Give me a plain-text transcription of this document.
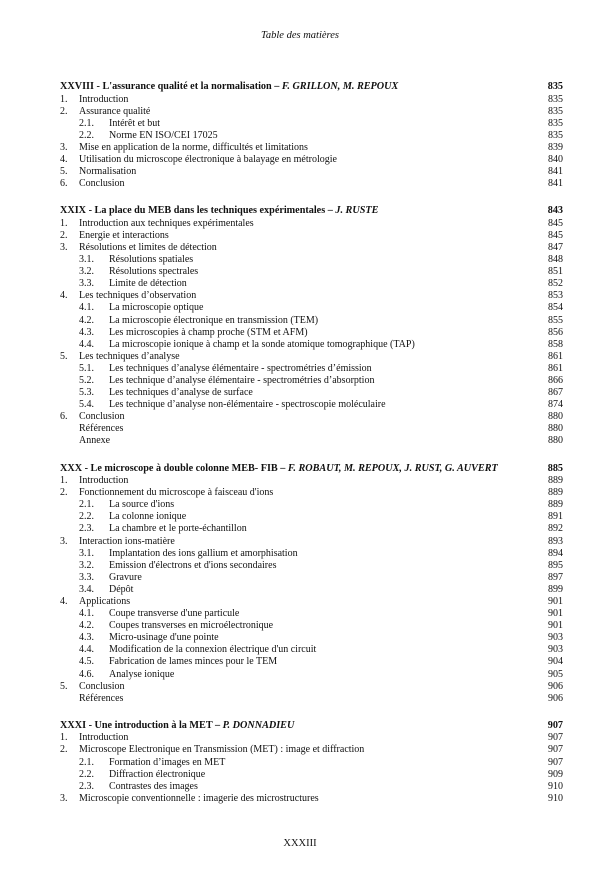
Table des matières
XXVIII - L'assurance qualité et la normalisation – F. GRILLON, M. REPOUX	835
1.	Introduction	835
2.	Assurance qualité	835
2.1.	Intérêt et but	835
2.2.	Norme EN ISO/CEI 17025	835
3.	Mise en application de la norme, difficultés et limitations	839
4.	Utilisation du microscope électronique à balayage en métrologie	840
5.	Normalisation	841
6.	Conclusion	841
XXIX - La place du MEB dans les techniques expérimentales – J. RUSTE	843
1.	Introduction aux techniques expérimentales	845
2.	Energie et interactions	845
3.	Résolutions et limites de détection	847
3.1.	Résolutions spatiales	848
3.2.	Résolutions spectrales	851
3.3.	Limite de détection	852
4.	Les techniques d’observation	853
4.1.	La microscopie optique	854
4.2.	La microscopie électronique en transmission (TEM)	855
4.3.	Les microscopies à champ proche (STM et AFM)	856
4.4.	La microscopie ionique à champ et la sonde atomique tomographique (TAP)	858
5.	Les techniques d’analyse	861
5.1.	Les techniques d’analyse élémentaire - spectrométries d’émission	861
5.2.	Les technique d’analyse élémentaire - spectrométries d’absorption	866
5.3.	Les techniques d’analyse de surface	867
5.4.	Les technique d’analyse non-élémentaire - spectroscopie moléculaire	874
6.	Conclusion	880
Références	880
Annexe	880
XXX - Le microscope à double colonne MEB- FIB – F. ROBAUT, M. REPOUX, J. RUST, G. AUVERT	885
1.	Introduction	889
2.	Fonctionnement du microscope à faisceau d'ions	889
2.1.	La source d'ions	889
2.2.	La colonne ionique	891
2.3.	La chambre et le porte-échantillon	892
3.	Interaction ions-matière	893
3.1.	Implantation des ions gallium et amorphisation	894
3.2.	Emission d'électrons et d'ions secondaires	895
3.3.	Gravure	897
3.4.	Dépôt	899
4.	Applications	901
4.1.	Coupe transverse d'une particule	901
4.2.	Coupes transverses en microélectronique	901
4.3.	Micro-usinage d'une pointe	903
4.4.	Modification de la connexion électrique d'un circuit	903
4.5.	Fabrication de lames minces pour le TEM	904
4.6.	Analyse ionique	905
5.	Conclusion	906
Références	906
XXXI - Une introduction à la MET – P. DONNADIEU	907
1.	Introduction	907
2.	Microscope Electronique en Transmission (MET) : image et diffraction	907
2.1.	Formation d’images en MET	907
2.2.	Diffraction électronique	909
2.3.	Contrastes des images	910
3.	Microscopie conventionnelle : imagerie des microstructures	910
XXXIII
